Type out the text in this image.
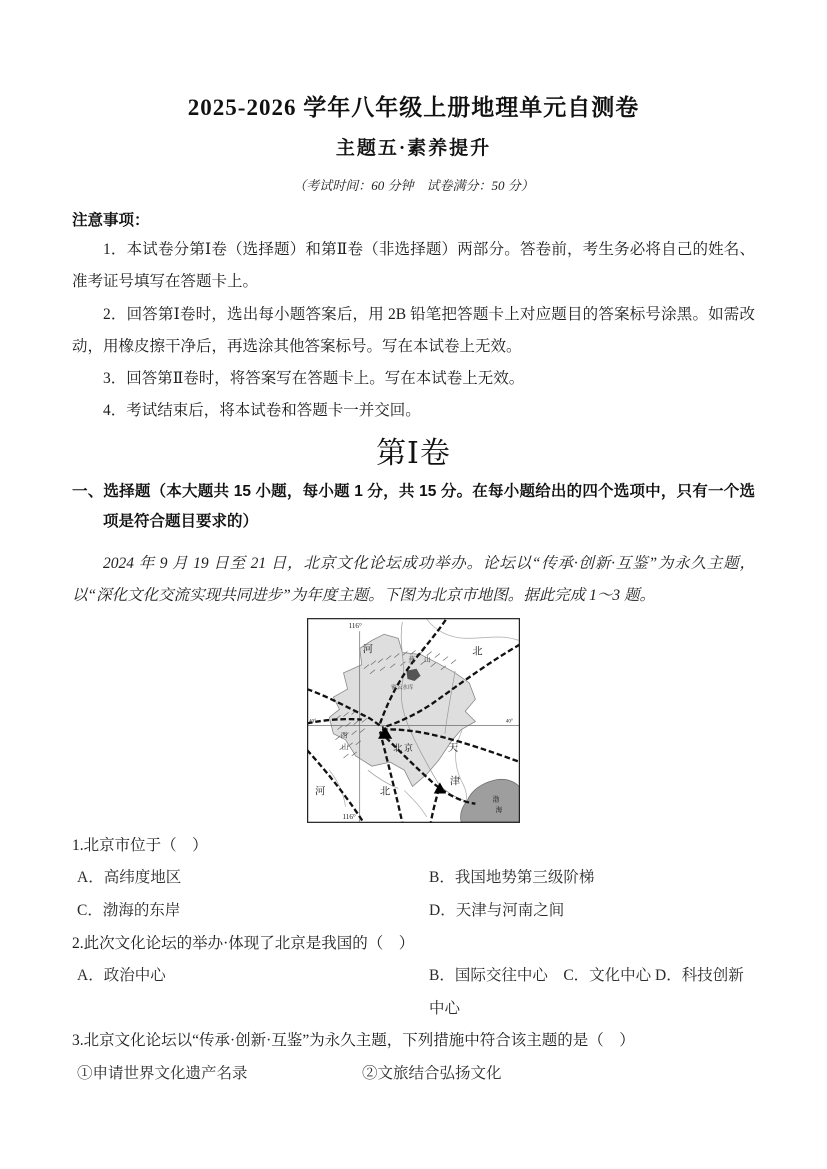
2025-2026 学年八年级上册地理单元自测卷
主题五·素养提升

（考试时间：60 分钟　试卷满分：50 分）

注意事项：

1．本试卷分第Ⅰ卷（选择题）和第Ⅱ卷（非选择题）两部分。答卷前，考生务必将自己的姓名、准考证号填写在答题卡上。

2．回答第Ⅰ卷时，选出每小题答案后，用 2B 铅笔把答题卡上对应题目的答案标号涂黑。如需改动，用橡皮擦干净后，再选涂其他答案标号。写在本试卷上无效。

3．回答第Ⅱ卷时，将答案写在答题卡上。写在本试卷上无效。

4．考试结束后，将本试卷和答题卡一并交回。

第Ⅰ卷

一、选择题（本大题共 15 小题，每小题 1 分，共 15 分。在每小题给出的四个选项中，只有一个选项是符合题目要求的）

2024 年 9 月 19 日至 21 日，北京文化论坛成功举办。论坛以“传承·创新·互鉴”为永久主题，以“深化文化交流实现共同进步”为年度主题。下图为北京市地图。据此完成 1～3 题。

116°
河	北
燕山
密云水库
西
山	北京	天
津
河	北
渤
海
40°	40°
116°

1.北京市位于（　）

A．高纬度地区	B．我国地势第三级阶梯
C．渤海的东岸	D．天津与河南之间

2.此次文化论坛的举办·体现了北京是我国的（　）

A．政治中心	B．国际交往中心　C．文化中心 D．科技创新中心

3.北京文化论坛以“传承·创新·互鉴”为永久主题，下列措施中符合该主题的是（　）

①申请世界文化遗产名录	②文旅结合弘扬文化
